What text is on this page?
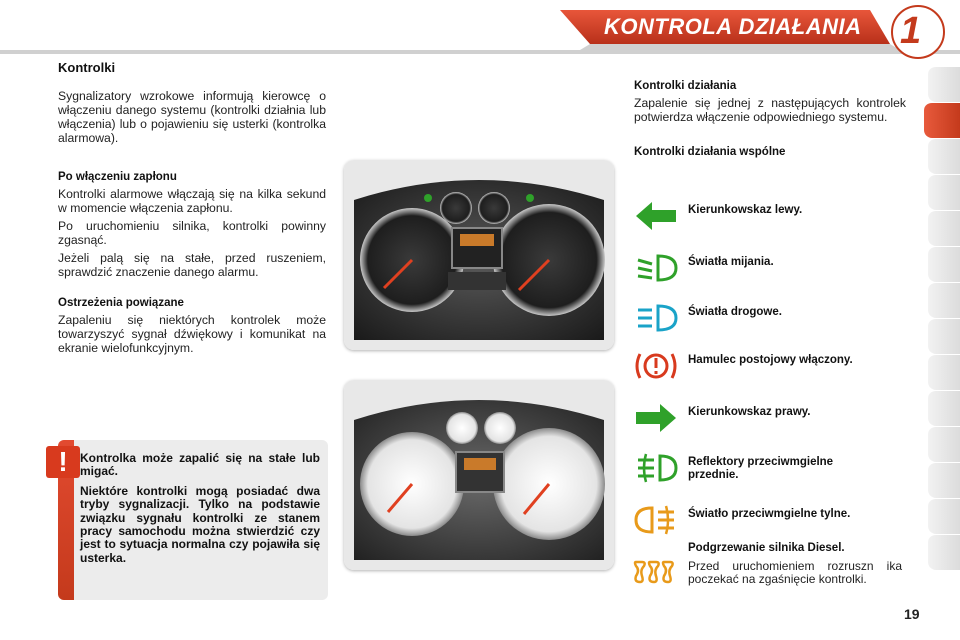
KONTROLA DZIAŁANIA 1
Kontrolki

Sygnalizatory wzrokowe informują kierowcę o włączeniu danego systemu (kontrolki działnia lub włączenia) lub o pojawieniu się usterki (kontrolka alarmowa).

Po włączeniu zapłonu

Kontrolki alarmowe włączają się na kilka sekund w momencie włączenia zapłonu.

Po uruchomieniu silnika, kontrolki powinny zgasnąć.

Jeżeli palą się na stałe, przed ruszeniem, sprawdzić znaczenie danego alarmu.

Ostrzeżenia powiązane

Zapaleniu się niektórych kontrolek może towarzyszyć sygnał dźwiękowy i komunikat na ekranie wielofunkcyjnym.

Kontrolka może zapalić się na stałe lub migać.

Niektóre kontrolki mogą posiadać dwa tryby sygnalizacji. Tylko na podstawie związku sygnału kontrolki ze stanem pracy samochodu można stwierdzić czy jest to sytuacja normalna czy pojawiła się usterka.

!
Kontrolki działania

Zapalenie się jednej z następujących kontrolek potwierdza włączenie odpowiedniego systemu.

Kontrolki działania wspólne
Kierunkowskaz lewy.
Światła mijania.
Światła drogowe.
Hamulec postojowy włączony.
Kierunkowskaz prawy.
Reflektory przeciwmgielne przednie.
Światło przeciwmgielne tylne.
Podgrzewanie silnika Diesel.
Przed uruchomieniem rozruszn ika poczekać na zgaśnięcie kontrolki.
19
